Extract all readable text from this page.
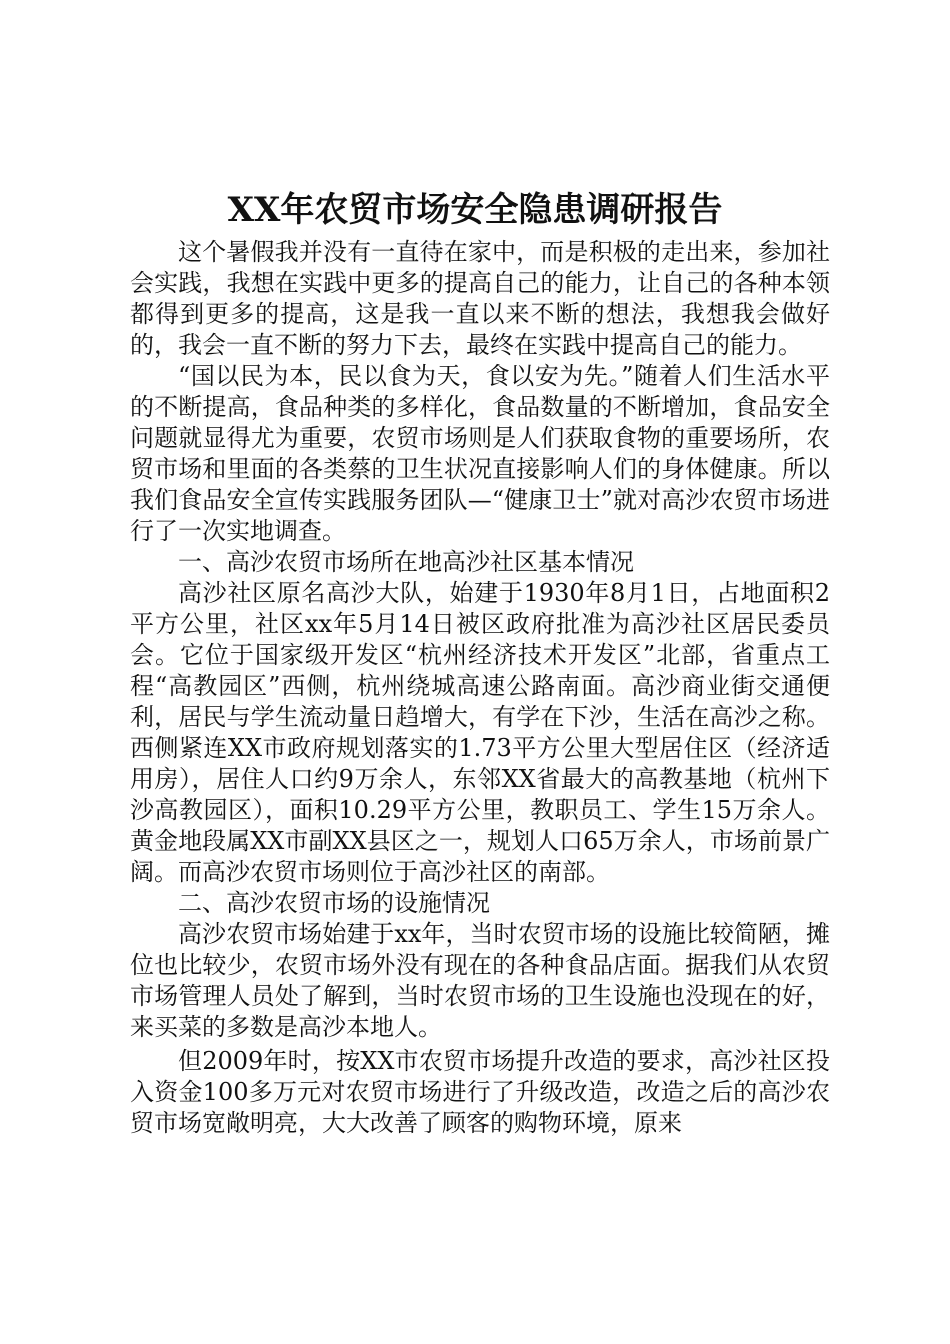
XX年农贸市场安全隐患调研报告

这个暑假我并没有一直待在家中，而是积极的走出来，参加社会实践，我想在实践中更多的提高自己的能力，让自己的各种本领都得到更多的提高，这是我一直以来不断的想法，我想我会做好的，我会一直不断的努力下去，最终在实践中提高自己的能力。

“国以民为本，民以食为天，食以安为先。”随着人们生活水平的不断提高，食品种类的多样化，食品数量的不断增加，食品安全问题就显得尤为重要，农贸市场则是人们获取食物的重要场所，农贸市场和里面的各类蔡的卫生状况直接影响人们的身体健康。所以我们食品安全宣传实践服务团队—“健康卫士”就对高沙农贸市场进行了一次实地调查。

一、高沙农贸市场所在地高沙社区基本情况

高沙社区原名高沙大队，始建于1930年8月1日，占地面积2平方公里，社区xx年5月14日被区政府批准为高沙社区居民委员会。它位于国家级开发区“杭州经济技术开发区”北部，省重点工程“高教园区”西侧，杭州绕城高速公路南面。高沙商业街交通便利，居民与学生流动量日趋增大，有学在下沙，生活在高沙之称。西侧紧连XX市政府规划落实的1.73平方公里大型居住区（经济适用房），居住人口约9万余人，东邻XX省最大的高教基地（杭州下沙高教园区），面积10.29平方公里，教职员工、学生15万余人。黄金地段属XX市副XX县区之一，规划人口65万余人，市场前景广阔。而高沙农贸市场则位于高沙社区的南部。

二、高沙农贸市场的设施情况

高沙农贸市场始建于xx年，当时农贸市场的设施比较简陋，摊位也比较少，农贸市场外没有现在的各种食品店面。据我们从农贸市场管理人员处了解到，当时农贸市场的卫生设施也没现在的好，来买菜的多数是高沙本地人。

但2009年时，按XX市农贸市场提升改造的要求，高沙社区投入资金100多万元对农贸市场进行了升级改造，改造之后的高沙农贸市场宽敞明亮，大大改善了顾客的购物环境，原来
